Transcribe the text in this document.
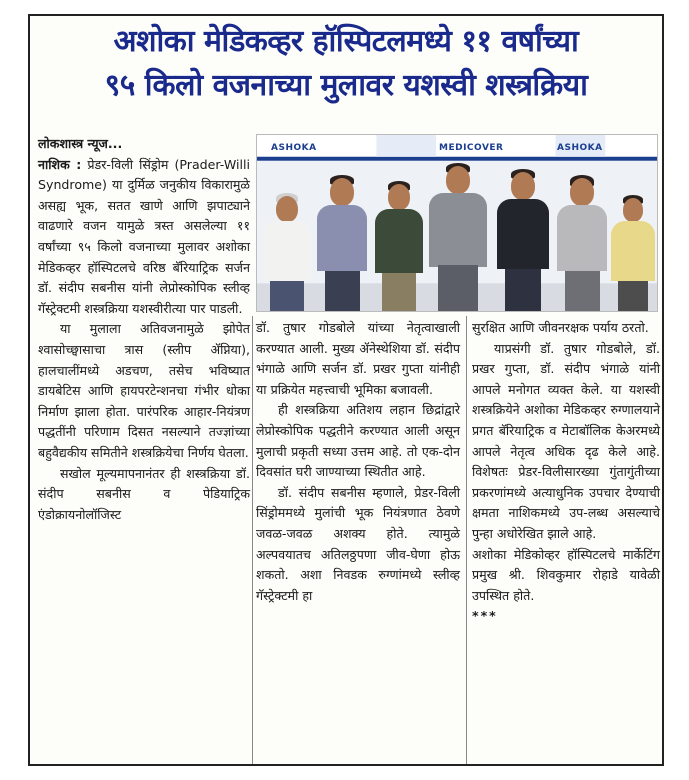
अशोका मेडिकव्हर हॉस्पिटलमध्ये ११ वर्षांच्या
९५ किलो वजनाच्या मुलावर यशस्वी शस्त्रक्रिया

लोकशास्त्र न्यूज...
नाशिक : प्रेडर-विली सिंड्रोम (Prader-Willi Syndrome) या दुर्मिळ जनुकीय विकारामुळे असह्य भूक, सतत खाणे आणि झपाट्याने वाढणारे वजन यामुळे त्रस्त असलेल्या ११ वर्षांच्या ९५ किलो वजनाच्या मुलावर अशोका मेडिकव्हर हॉस्पिटलचे वरिष्ठ बॅरियाट्रिक सर्जन डॉ. संदीप सबनीस यांनी लेप्रोस्कोपिक स्लीव्ह गॅस्ट्रेक्टमी शस्त्रक्रिया यशस्वीरीत्या पार पाडली.

या मुलाला अतिवजनामुळे झोपेत श्वासोच्छ्वासाचा त्रास (स्लीप ॲप्निया), हालचालींमध्ये अडचण, तसेच भविष्यात डायबेटिस आणि हायपरटेन्शनचा गंभीर धोका निर्माण झाला होता. पारंपरिक आहार-नियंत्रण पद्धतींनी परिणाम दिसत नसल्याने तज्ज्ञांच्या बहुवैद्यकीय समितीने शस्त्रक्रियेचा निर्णय घेतला.

सखोल मूल्यमापनानंतर ही शस्त्रक्रिया डॉ. संदीप सबनीस व पेडियाट्रिक एंडोक्रायनोलॉजिस्ट

ASHOKA	MEDICOVER	ASHOKA

डॉ. तुषार गोडबोले यांच्या नेतृत्वाखाली करण्यात आली. मुख्य ॲनेस्थेशिया डॉ. संदीप भंगाळे आणि सर्जन डॉ. प्रखर गुप्ता यांनीही या प्रक्रियेत महत्त्वाची भूमिका बजावली.

ही शस्त्रक्रिया अतिशय लहान छिद्रांद्वारे लेप्रोस्कोपिक पद्धतीने करण्यात आली असून मुलाची प्रकृती सध्या उत्तम आहे. तो एक-दोन दिवसांत घरी जाण्याच्या स्थितीत आहे.

डॉ. संदीप सबनीस म्हणाले, प्रेडर-विली सिंड्रोममध्ये मुलांची भूक नियंत्रणात ठेवणे जवळ-जवळ अशक्य होते. त्यामुळे अल्पवयातच अतिलठ्ठपणा जीव-घेणा होऊ शकतो. अशा निवडक रुग्णांमध्ये स्लीव्ह गॅस्ट्रेक्टमी हा

सुरक्षित आणि जीवनरक्षक पर्याय ठरतो.

याप्रसंगी डॉ. तुषार गोडबोले, डॉ. प्रखर गुप्ता, डॉ. संदीप भंगाळे यांनी आपले मनोगत व्यक्त केले. या यशस्वी शस्त्रक्रियेने अशोका मेडिकव्हर रुग्णालयाने प्रगत बॅरियाट्रिक व मेटाबॉलिक केअरमध्ये आपले नेतृत्व अधिक दृढ केले आहे. विशेषतः प्रेडर-विलीसारख्या गुंतागुंतीच्या प्रकरणांमध्ये अत्याधुनिक उपचार देण्याची क्षमता नाशिकमध्ये उप-लब्ध असल्याचे पुन्हा अधोरेखित झाले आहे.

अशोका मेडिकोव्हर हॉस्पिटलचे मार्केटिंग प्रमुख श्री. शिवकुमार रोहाडे यावेळी उपस्थित होते.

***
